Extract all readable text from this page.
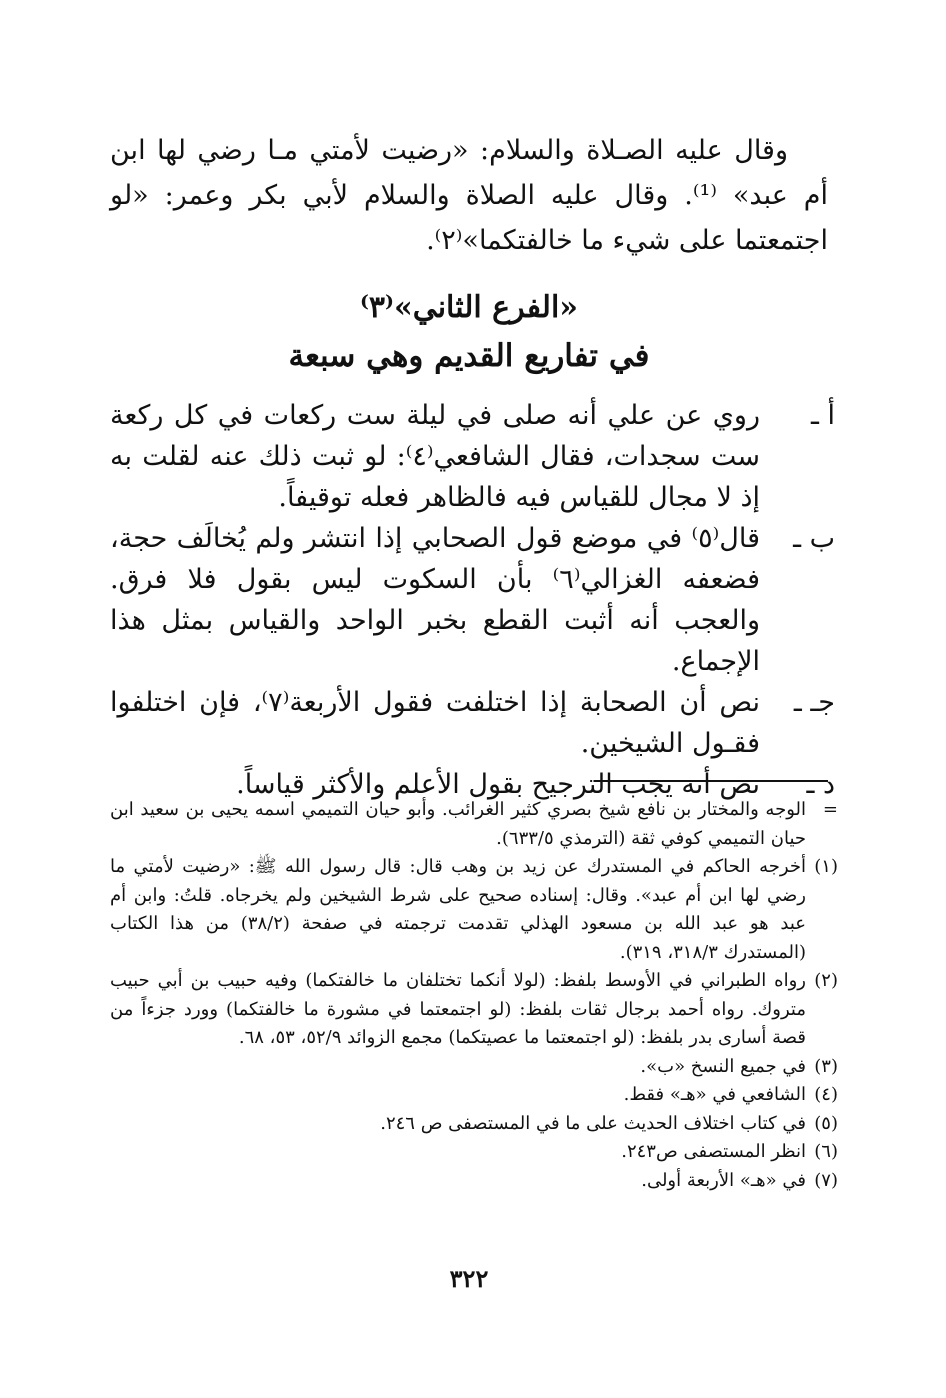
وقال عليه الصـلاة والسلام: «رضيت لأمتي مـا رضي لها ابن أم عبد» ⁽¹⁾. وقال عليه الصلاة والسلام لأبي بكر وعمر: «لو اجتمعتما على شيء ما خالفتكما»⁽٢⁾.
«الفرع الثاني»⁽٣⁾
في تفاريع القديم وهي سبعة
أ ـ
روي عن علي أنه صلى في ليلة ست ركعات في كل ركعة ست سجدات، فقال الشافعي⁽٤⁾: لو ثبت ذلك عنه لقلت به إذ لا مجال للقياس فيه فالظاهر فعله توقيفاً.
ب ـ
قال⁽٥⁾ في موضع قول الصحابي إذا انتشر ولم يُخالَف حجة، فضعفه الغزالي⁽٦⁾ بأن السكوت ليس بقول فلا فرق. والعجب أنه أثبت القطع بخبر الواحد والقياس بمثل هذا الإجماع.
جـ ـ
نص أن الصحابة إذا اختلفت فقول الأربعة⁽٧⁾، فإن اختلفوا فقـول الشيخين.
د ـ
نص أنه يجب الترجيح بقول الأعلم والأكثر قياساً.
=
الوجه والمختار بن نافع شيخ بصري كثير الغرائب. وأبو حيان التميمي اسمه يحيى بن سعيد ابن حيان التميمي كوفي ثقة (الترمذي ٦٣٣/٥).
(١)
أخرجه الحاكم في المستدرك عن زيد بن وهب قال: قال رسول الله ﷺ: «رضيت لأمتي ما رضي لها ابن أم عبد». وقال: إسناده صحيح على شرط الشيخين ولم يخرجاه. قلتُ: وابن أم عبد هو عبد الله بن مسعود الهذلي تقدمت ترجمته في صفحة (٣٨/٢) من هذا الكتاب (المستدرك ٣١٨/٣، ٣١٩).
(٢)
رواه الطبراني في الأوسط بلفظ: (لولا أنكما تختلفان ما خالفتكما) وفيه حبيب بن أبي حبيب متروك. رواه أحمد برجال ثقات بلفظ: (لو اجتمعتما في مشورة ما خالفتكما) وورد جزءاً من قصة أسارى بدر بلفظ: (لو اجتمعتما ما عصيتكما) مجمع الزوائد ٥٢/٩، ٥٣، ٦٨.
(٣)
في جميع النسخ «ب».
(٤)
الشافعي في «هـ» فقط.
(٥)
في كتاب اختلاف الحديث على ما في المستصفى ص ٢٤٦.
(٦)
انظر المستصفى ص٢٤٣.
(٧)
في «هـ» الأربعة أولى.
٣٢٢
